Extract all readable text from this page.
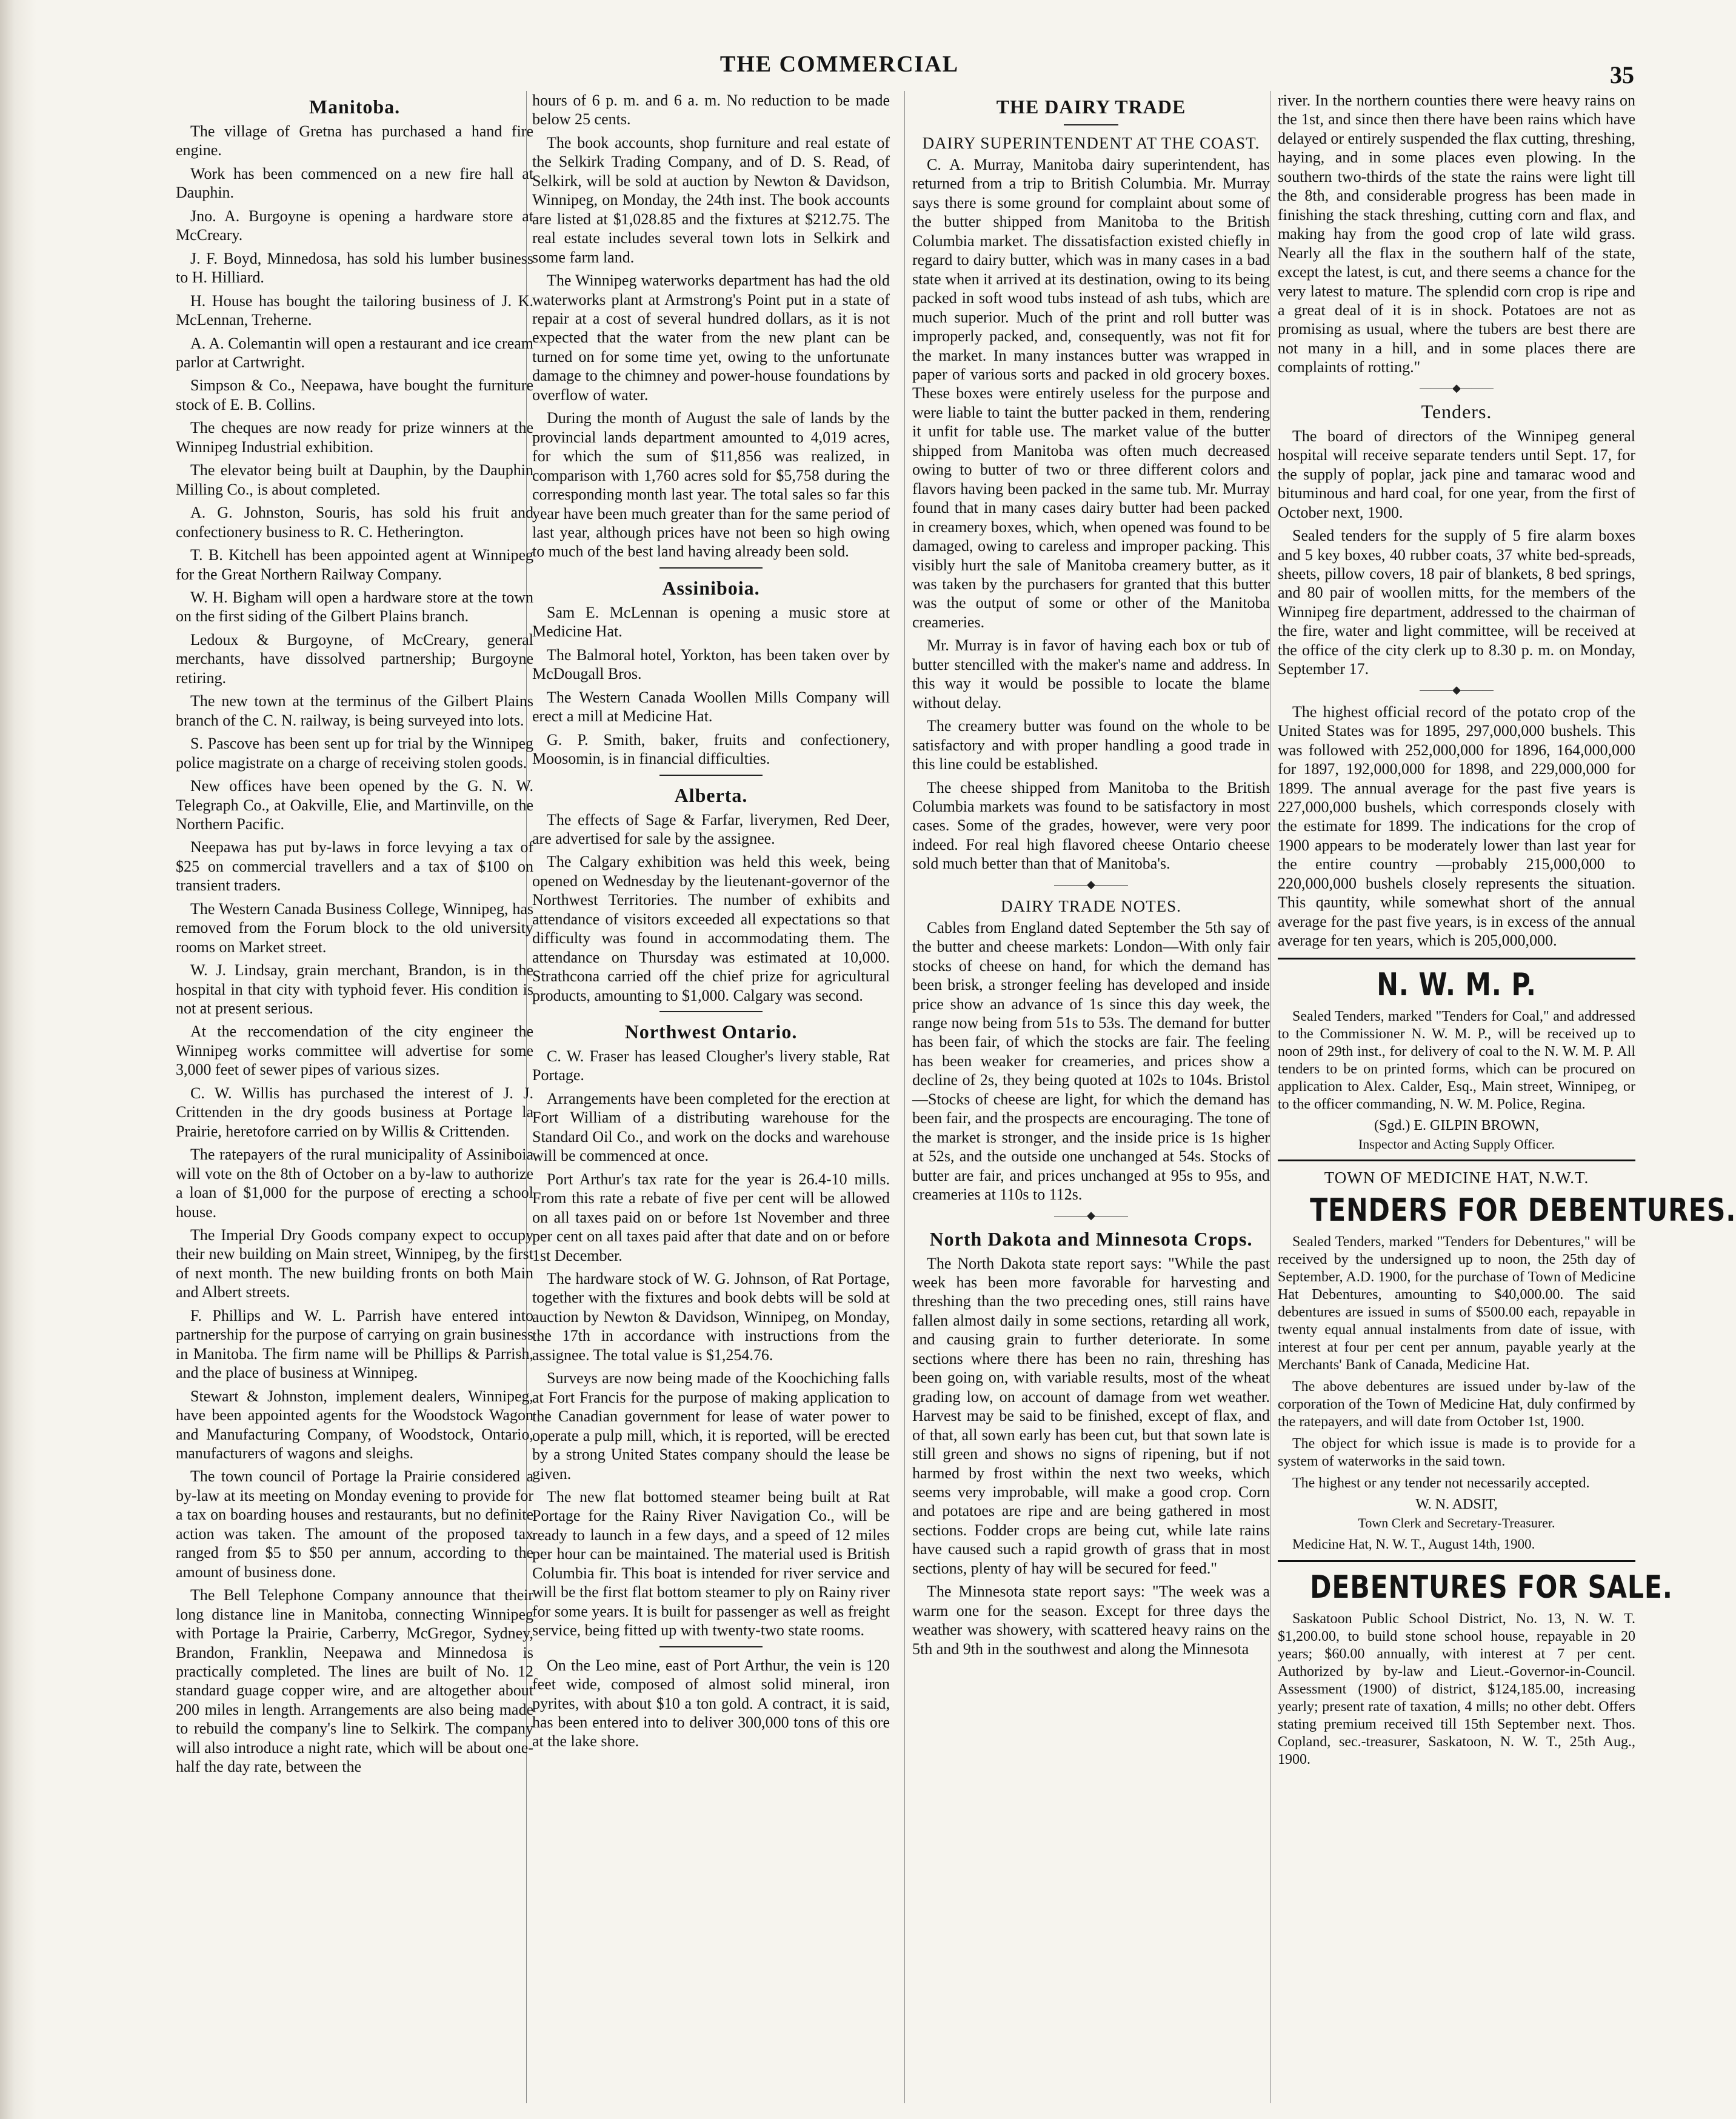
THE COMMERCIAL	35
Manitoba.

The village of Gretna has purchased a hand fire engine.

Work has been commenced on a new fire hall at Dauphin.

Jno. A. Burgoyne is opening a hardware store at McCreary.

J. F. Boyd, Minnedosa, has sold his lumber business to H. Hilliard.

H. House has bought the tailoring business of J. K. McLennan, Treherne.

A. A. Colemantin will open a restaurant and ice cream parlor at Cartwright.

Simpson & Co., Neepawa, have bought the furniture stock of E. B. Collins.

The cheques are now ready for prize winners at the Winnipeg Industrial exhibition.

The elevator being built at Dauphin, by the Dauphin Milling Co., is about completed.

A. G. Johnston, Souris, has sold his fruit and confectionery business to R. C. Hetherington.

T. B. Kitchell has been appointed agent at Winnipeg for the Great Northern Railway Company.

W. H. Bigham will open a hardware store at the town on the first siding of the Gilbert Plains branch.

Ledoux & Burgoyne, of McCreary, general merchants, have dissolved partnership; Burgoyne retiring.

The new town at the terminus of the Gilbert Plains branch of the C. N. railway, is being surveyed into lots.

S. Pascove has been sent up for trial by the Winnipeg police magistrate on a charge of receiving stolen goods.

New offices have been opened by the G. N. W. Telegraph Co., at Oakville, Elie, and Martinville, on the Northern Pacific.

Neepawa has put by-laws in force levying a tax of $25 on commercial travellers and a tax of $100 on transient traders.

The Western Canada Business College, Winnipeg, has removed from the Forum block to the old university rooms on Market street.

W. J. Lindsay, grain merchant, Brandon, is in the hospital in that city with typhoid fever. His condition is not at present serious.

At the reccomendation of the city engineer the Winnipeg works committee will advertise for some 3,000 feet of sewer pipes of various sizes.

C. W. Willis has purchased the interest of J. J. Crittenden in the dry goods business at Portage la Prairie, heretofore carried on by Willis & Crittenden.

The ratepayers of the rural municipality of Assiniboia will vote on the 8th of October on a by-law to authorize a loan of $1,000 for the purpose of erecting a school house.

The Imperial Dry Goods company expect to occupy their new building on Main street, Winnipeg, by the first of next month. The new building fronts on both Main and Albert streets.

F. Phillips and W. L. Parrish have entered into partnership for the purpose of carrying on grain business in Manitoba. The firm name will be Phillips & Parrish, and the place of business at Winnipeg.

Stewart & Johnston, implement dealers, Winnipeg, have been appointed agents for the Woodstock Wagon and Manufacturing Company, of Woodstock, Ontario, manufacturers of wagons and sleighs.

The town council of Portage la Prairie considered a by-law at its meeting on Monday evening to provide for a tax on boarding houses and restaurants, but no definite action was taken. The amount of the proposed tax ranged from $5 to $50 per annum, according to the amount of business done.

The Bell Telephone Company announce that their long distance line in Manitoba, connecting Winnipeg with Portage la Prairie, Carberry, McGregor, Sydney, Brandon, Franklin, Neepawa and Minnedosa is practically completed. The lines are built of No. 12 standard guage copper wire, and are altogether about 200 miles in length. Arrangements are also being made to rebuild the company's line to Selkirk. The company will also introduce a night rate, which will be about one-half the day rate, between the

hours of 6 p. m. and 6 a. m. No reduction to be made below 25 cents.

The book accounts, shop furniture and real estate of the Selkirk Trading Company, and of D. S. Read, of Selkirk, will be sold at auction by Newton & Davidson, Winnipeg, on Monday, the 24th inst. The book accounts are listed at $1,028.85 and the fixtures at $212.75. The real estate includes several town lots in Selkirk and some farm land.

The Winnipeg waterworks department has had the old waterworks plant at Armstrong's Point put in a state of repair at a cost of several hundred dollars, as it is not expected that the water from the new plant can be turned on for some time yet, owing to the unfortunate damage to the chimney and power-house foundations by overflow of water.

During the month of August the sale of lands by the provincial lands department amounted to 4,019 acres, for which the sum of $11,856 was realized, in comparison with 1,760 acres sold for $5,758 during the corresponding month last year. The total sales so far this year have been much greater than for the same period of last year, although prices have not been so high owing to much of the best land having already been sold.

Assiniboia.

Sam E. McLennan is opening a music store at Medicine Hat.

The Balmoral hotel, Yorkton, has been taken over by McDougall Bros.

The Western Canada Woollen Mills Company will erect a mill at Medicine Hat.

G. P. Smith, baker, fruits and confectionery, Moosomin, is in financial difficulties.

Alberta.

The effects of Sage & Farfar, liverymen, Red Deer, are advertised for sale by the assignee.

The Calgary exhibition was held this week, being opened on Wednesday by the lieutenant-governor of the Northwest Territories. The number of exhibits and attendance of visitors exceeded all expectations so that difficulty was found in accommodating them. The attendance on Thursday was estimated at 10,000. Strathcona carried off the chief prize for agricultural products, amounting to $1,000. Calgary was second.

Northwest Ontario.

C. W. Fraser has leased Clougher's livery stable, Rat Portage.

Arrangements have been completed for the erection at Fort William of a distributing warehouse for the Standard Oil Co., and work on the docks and warehouse will be commenced at once.

Port Arthur's tax rate for the year is 26.4-10 mills. From this rate a rebate of five per cent will be allowed on all taxes paid on or before 1st November and three per cent on all taxes paid after that date and on or before 1st December.

The hardware stock of W. G. Johnson, of Rat Portage, together with the fixtures and book debts will be sold at auction by Newton & Davidson, Winnipeg, on Monday, the 17th in accordance with instructions from the assignee. The total value is $1,254.76.

Surveys are now being made of the Koochiching falls at Fort Francis for the purpose of making application to the Canadian government for lease of water power to operate a pulp mill, which, it is reported, will be erected by a strong United States company should the lease be given.

The new flat bottomed steamer being built at Rat Portage for the Rainy River Navigation Co., will be ready to launch in a few days, and a speed of 12 miles per hour can be maintained. The material used is British Columbia fir. This boat is intended for river service and will be the first flat bottom steamer to ply on Rainy river for some years. It is built for passenger as well as freight service, being fitted up with twenty-two state rooms.

On the Leo mine, east of Port Arthur, the vein is 120 feet wide, composed of almost solid mineral, iron pyrites, with about $10 a ton gold. A contract, it is said, has been entered into to deliver 300,000 tons of this ore at the lake shore.

THE DAIRY TRADE
DAIRY SUPERINTENDENT AT THE COAST.

C. A. Murray, Manitoba dairy superintendent, has returned from a trip to British Columbia. Mr. Murray says there is some ground for complaint about some of the butter shipped from Manitoba to the British Columbia market. The dissatisfaction existed chiefly in regard to dairy butter, which was in many cases in a bad state when it arrived at its destination, owing to its being packed in soft wood tubs instead of ash tubs, which are much superior. Much of the print and roll butter was improperly packed, and, consequently, was not fit for the market. In many instances butter was wrapped in paper of various sorts and packed in old grocery boxes. These boxes were entirely useless for the purpose and were liable to taint the butter packed in them, rendering it unfit for table use. The market value of the butter shipped from Manitoba was often much decreased owing to butter of two or three different colors and flavors having been packed in the same tub. Mr. Murray found that in many cases dairy butter had been packed in creamery boxes, which, when opened was found to be damaged, owing to careless and improper packing. This visibly hurt the sale of Manitoba creamery butter, as it was taken by the purchasers for granted that this butter was the output of some or other of the Manitoba creameries.

Mr. Murray is in favor of having each box or tub of butter stencilled with the maker's name and address. In this way it would be possible to locate the blame without delay.

The creamery butter was found on the whole to be satisfactory and with proper handling a good trade in this line could be established.

The cheese shipped from Manitoba to the British Columbia markets was found to be satisfactory in most cases. Some of the grades, however, were very poor indeed. For real high flavored cheese Ontario cheese sold much better than that of Manitoba's.

———◆———
DAIRY TRADE NOTES.

Cables from England dated September the 5th say of the butter and cheese markets: London—With only fair stocks of cheese on hand, for which the demand has been brisk, a stronger feeling has developed and inside price show an advance of 1s since this day week, the range now being from 51s to 53s. The demand for butter has been fair, of which the stocks are fair. The feeling has been weaker for creameries, and prices show a decline of 2s, they being quoted at 102s to 104s. Bristol—Stocks of cheese are light, for which the demand has been fair, and the prospects are encouraging. The tone of the market is stronger, and the inside price is 1s higher at 52s, and the outside one unchanged at 54s. Stocks of butter are fair, and prices unchanged at 95s to 95s, and creameries at 110s to 112s.

———◆———
North Dakota and Minnesota Crops.

The North Dakota state report says: "While the past week has been more favorable for harvesting and threshing than the two preceding ones, still rains have fallen almost daily in some sections, retarding all work, and causing grain to further deteriorate. In some sections where there has been no rain, threshing has been going on, with variable results, most of the wheat grading low, on account of damage from wet weather. Harvest may be said to be finished, except of flax, and of that, all sown early has been cut, but that sown late is still green and shows no signs of ripening, but if not harmed by frost within the next two weeks, which seems very improbable, will make a good crop. Corn and potatoes are ripe and are being gathered in most sections. Fodder crops are being cut, while late rains have caused such a rapid growth of grass that in most sections, plenty of hay will be secured for feed."

The Minnesota state report says: "The week was a warm one for the season. Except for three days the weather was showery, with scattered heavy rains on the 5th and 9th in the southwest and along the Minnesota

river. In the northern counties there were heavy rains on the 1st, and since then there have been rains which have delayed or entirely suspended the flax cutting, threshing, haying, and in some places even plowing. In the southern two-thirds of the state the rains were light till the 8th, and considerable progress has been made in finishing the stack threshing, cutting corn and flax, and making hay from the good crop of late wild grass. Nearly all the flax in the southern half of the state, except the latest, is cut, and there seems a chance for the very latest to mature. The splendid corn crop is ripe and a great deal of it is in shock. Potatoes are not as promising as usual, where the tubers are best there are not many in a hill, and in some places there are complaints of rotting."

———◆———
Tenders.

The board of directors of the Winnipeg general hospital will receive separate tenders until Sept. 17, for the supply of poplar, jack pine and tamarac wood and bituminous and hard coal, for one year, from the first of October next, 1900.

Sealed tenders for the supply of 5 fire alarm boxes and 5 key boxes, 40 rubber coats, 37 white bed-spreads, sheets, pillow covers, 18 pair of blankets, 8 bed springs, and 80 pair of woollen mitts, for the members of the Winnipeg fire department, addressed to the chairman of the fire, water and light committee, will be received at the office of the city clerk up to 8.30 p. m. on Monday, September 17.

———◆———

The highest official record of the potato crop of the United States was for 1895, 297,000,000 bushels. This was followed with 252,000,000 for 1896, 164,000,000 for 1897, 192,000,000 for 1898, and 229,000,000 for 1899. The annual average for the past five years is 227,000,000 bushels, which corresponds closely with the estimate for 1899. The indications for the crop of 1900 appears to be moderately lower than last year for the entire country —probably 215,000,000 to 220,000,000 bushels closely represents the situation. This qauntity, while somewhat short of the annual average for the past five years, is in excess of the annual average for ten years, which is 205,000,000.

N. W. M. P.

Sealed Tenders, marked "Tenders for Coal," and addressed to the Commissioner N. W. M. P., will be received up to noon of 29th inst., for delivery of coal to the N. W. M. P. All tenders to be on printed forms, which can be procured on application to Alex. Calder, Esq., Main street, Winnipeg, or to the officer commanding, N. W. M. Police, Regina.

(Sgd.) E. GILPIN BROWN,
Inspector and Acting Supply Officer.
TOWN OF MEDICINE HAT, N.W.T.
TENDERS FOR DEBENTURES.

Sealed Tenders, marked "Tenders for Debentures," will be received by the undersigned up to noon, the 25th day of September, A.D. 1900, for the purchase of Town of Medicine Hat Debentures, amounting to $40,000.00. The said debentures are issued in sums of $500.00 each, repayable in twenty equal annual instalments from date of issue, with interest at four per cent per annum, payable yearly at the Merchants' Bank of Canada, Medicine Hat.

The above debentures are issued under by-law of the corporation of the Town of Medicine Hat, duly confirmed by the ratepayers, and will date from October 1st, 1900.

The object for which issue is made is to provide for a system of waterworks in the said town.

The highest or any tender not necessarily accepted.

W. N. ADSIT,
Town Clerk and Secretary-Treasurer.

Medicine Hat, N. W. T., August 14th, 1900.

DEBENTURES FOR SALE.

Saskatoon Public School District, No. 13, N. W. T. $1,200.00, to build stone school house, repayable in 20 years; $60.00 annually, with interest at 7 per cent. Authorized by by-law and Lieut.-Governor-in-Council. Assessment (1900) of district, $124,185.00, increasing yearly; present rate of taxation, 4 mills; no other debt. Offers stating premium received till 15th September next. Thos. Copland, sec.-treasurer, Saskatoon, N. W. T., 25th Aug., 1900.
